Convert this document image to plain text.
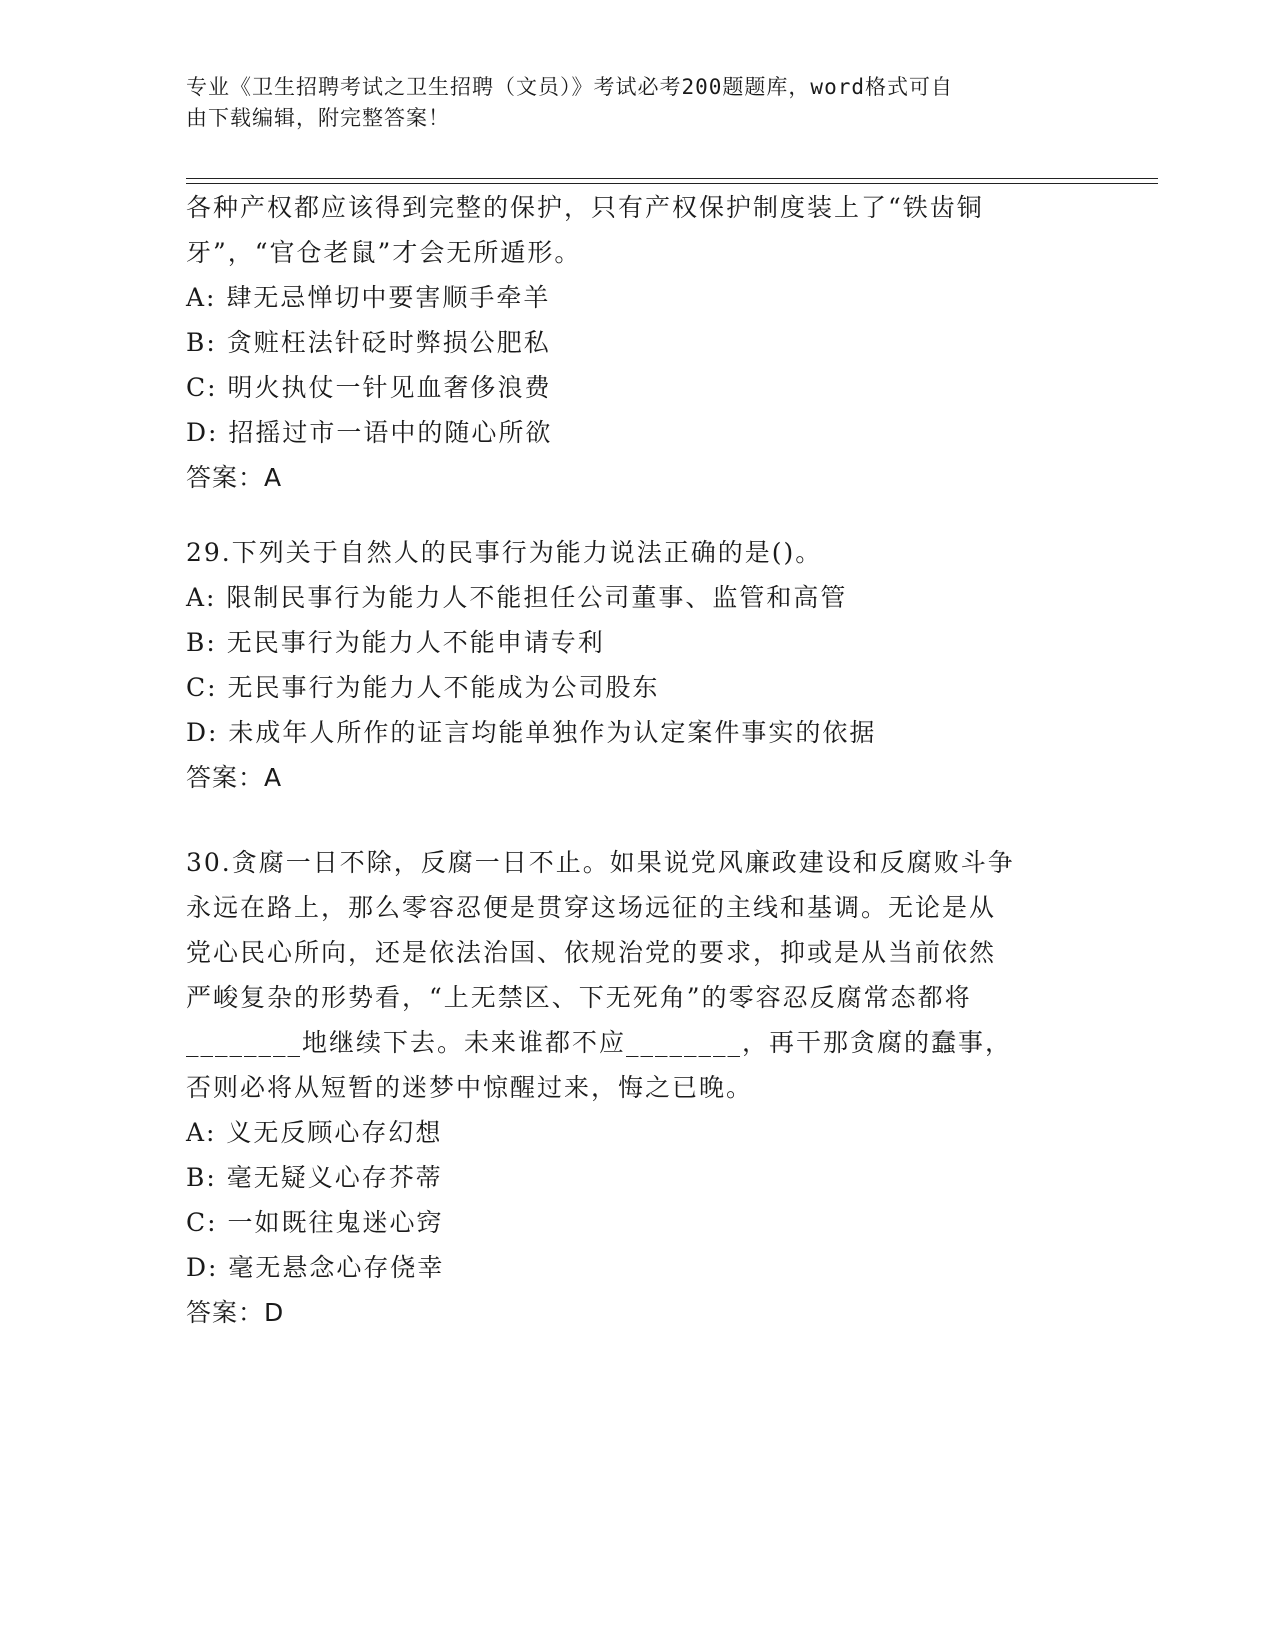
专业《卫生招聘考试之卫生招聘（文员）》考试必考200题题库，word格式可自
由下载编辑，附完整答案！

各种产权都应该得到完整的保护，只有产权保护制度装上了“铁齿铜

牙”，“官仓老鼠”才会无所遁形。

A: 肆无忌惮切中要害顺手牵羊

B: 贪赃枉法针砭时弊损公肥私

C: 明火执仗一针见血奢侈浪费

D: 招摇过市一语中的随心所欲

答案：A

29.下列关于自然人的民事行为能力说法正确的是()。

A: 限制民事行为能力人不能担任公司董事、监管和高管

B: 无民事行为能力人不能申请专利

C: 无民事行为能力人不能成为公司股东

D: 未成年人所作的证言均能单独作为认定案件事实的依据

答案：A

30.贪腐一日不除，反腐一日不止。如果说党风廉政建设和反腐败斗争

永远在路上，那么零容忍便是贯穿这场远征的主线和基调。无论是从

党心民心所向，还是依法治国、依规治党的要求，抑或是从当前依然

严峻复杂的形势看，“上无禁区、下无死角”的零容忍反腐常态都将

________地继续下去。未来谁都不应________，再干那贪腐的蠢事，

否则必将从短暂的迷梦中惊醒过来，悔之已晚。

A: 义无反顾心存幻想

B: 毫无疑义心存芥蒂

C: 一如既往鬼迷心窍

D: 毫无悬念心存侥幸

答案：D
